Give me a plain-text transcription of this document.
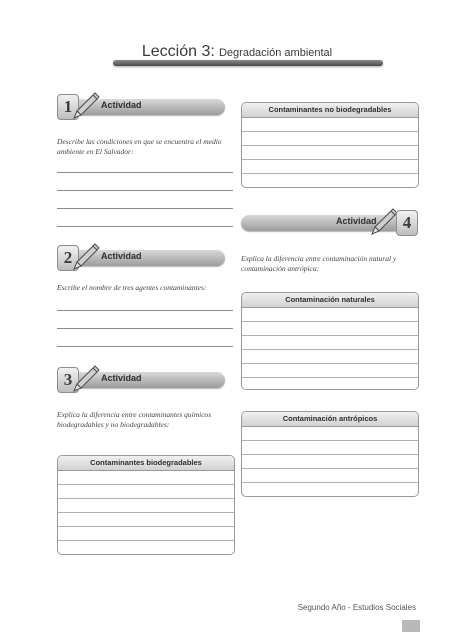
Lección 3: Degradación ambiental
1	Actividad
Describe las condiciones en que se encuentra el medio ambiente en El Salvador:
2	Actividad
Escribe el nombre de tres agentes contaminantes:
3	Actividad
Explica la diferencia entre contaminantes químicos biodegradables y no biodegradables:
Contaminantes biodegradables
Contaminantes no biodegradables
Actividad	4
Explica la diferencia entre contaminación natural y contaminación antrópica:
Contaminación naturales
Contaminación antrópicos
Segundo Año - Estudios Sociales
